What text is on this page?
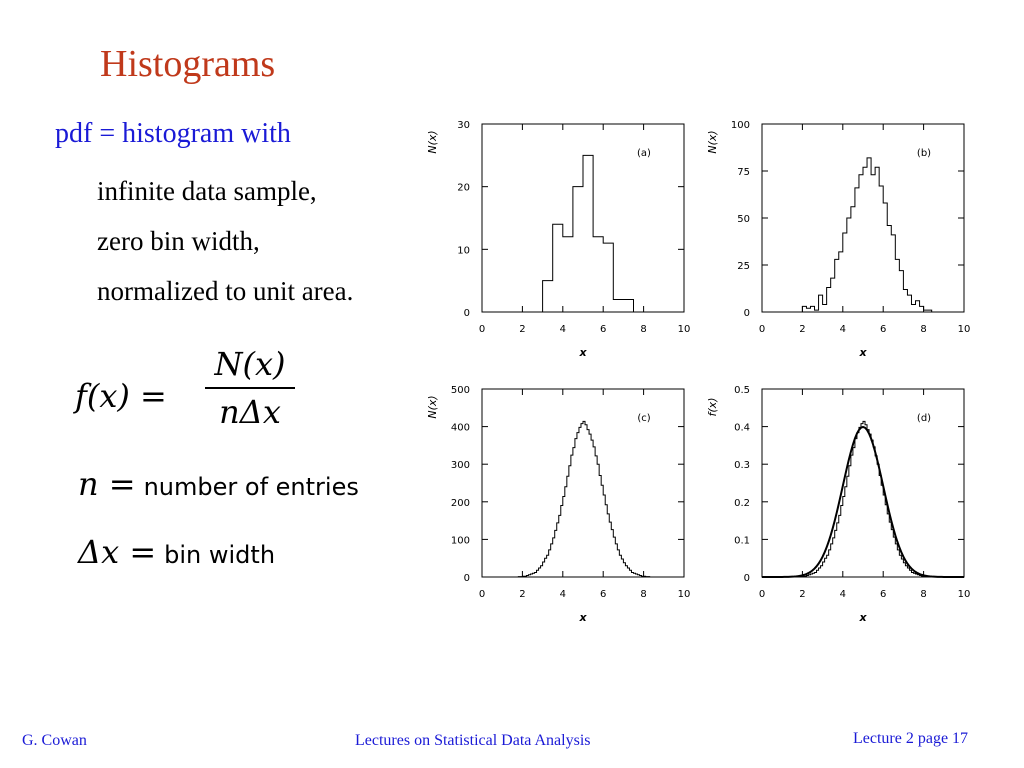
Histograms
pdf = histogram with
infinite data sample,
zero bin width,
normalized to unit area.
f(x) =
N(x)
nΔx
n = number of entries
Δx = bin width
0	2	4	6	8	10
0
10
20
30
x
N(x)	(a)
0	2	4	6	8	10
0
25
50
75
100
x
N(x)	(b)
0	2	4	6	8	10
0
100
200
300
400
500
x
N(x)	(c)
0	2	4	6	8	10
0
0.1
0.2
0.3
0.4
0.5
x
f(x)
(d)
G. Cowan	Lectures on Statistical Data Analysis	Lecture 2 page 17
